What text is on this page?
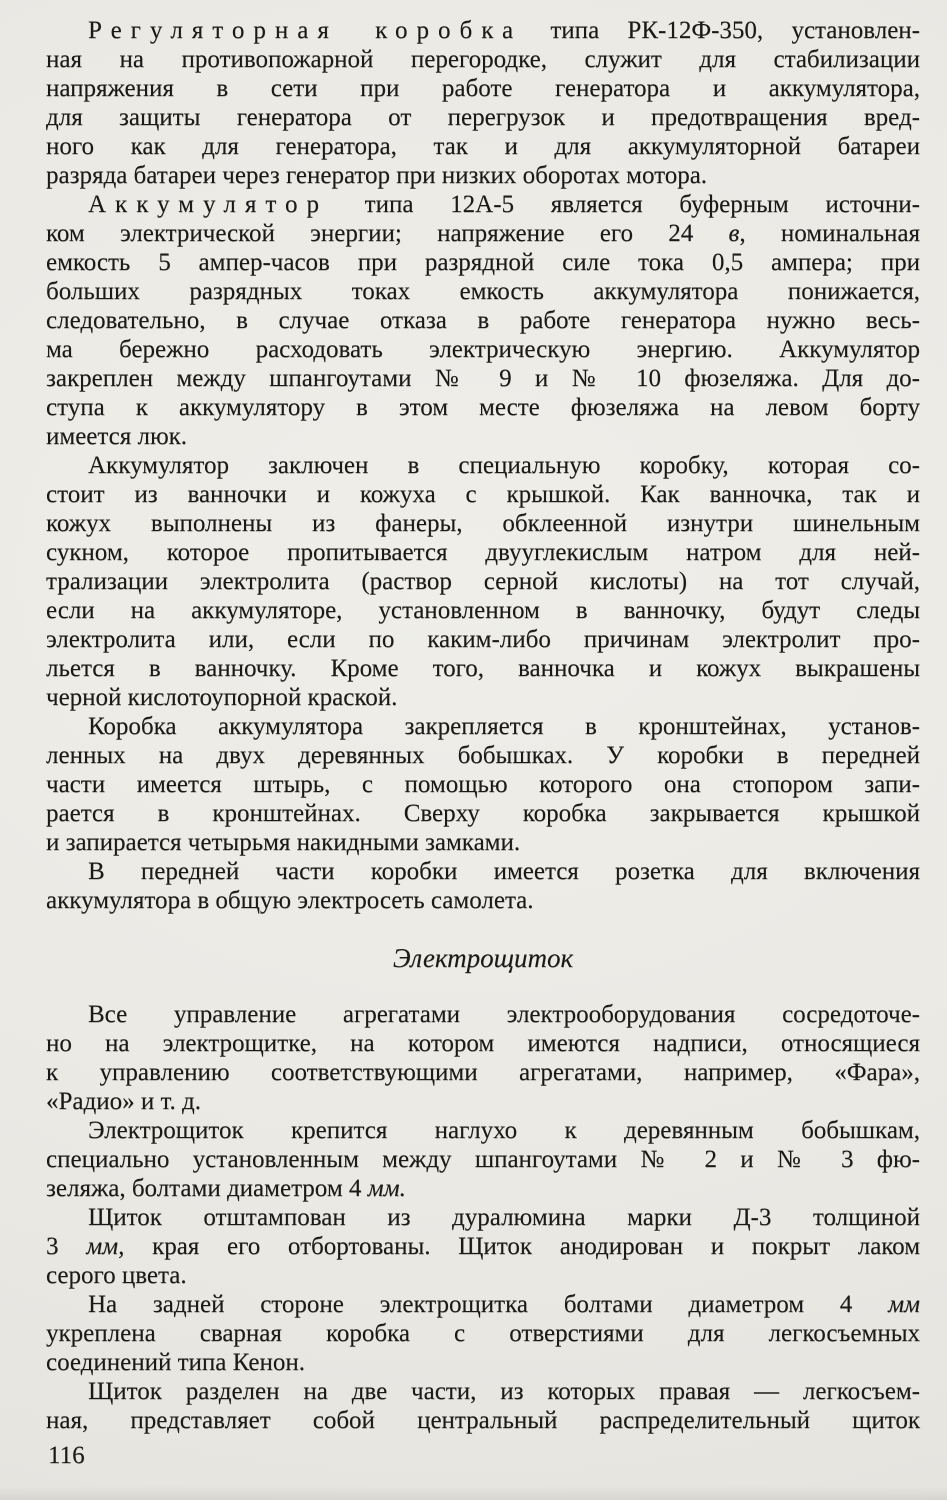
Регуляторная коробка типа РК-12Ф-350, установлен-
ная на противопожарной перегородке, служит для стабилизации
напряжения в сети при работе генератора и аккумулятора,
для защиты генератора от перегрузок и предотвращения вред-
ного как для генератора, так и для аккумуляторной батареи
разряда батареи через генератор при низких оборотах мотора.
Аккумулятор типа 12А-5 является буферным источни-
ком электрической энергии; напряжение его 24 в, номинальная
емкость 5 ампер-часов при разрядной силе тока 0,5 ампера; при
больших разрядных токах емкость аккумулятора понижается,
следовательно, в случае отказа в работе генератора нужно весь-
ма бережно расходовать электрическую энергию. Аккумулятор
закреплен между шпангоутами № 9 и № 10 фюзеляжа. Для до-
ступа к аккумулятору в этом месте фюзеляжа на левом борту
имеется люк.
Аккумулятор заключен в специальную коробку, которая со-
стоит из ванночки и кожуха с крышкой. Как ванночка, так и
кожух выполнены из фанеры, обклеенной изнутри шинельным
сукном, которое пропитывается двууглекислым натром для ней-
трализации электролита (раствор серной кислоты) на тот случай,
если на аккумуляторе, установленном в ванночку, будут следы
электролита или, если по каким-либо причинам электролит про-
льется в ванночку. Кроме того, ванночка и кожух выкрашены
черной кислотоупорной краской.
Коробка аккумулятора закрепляется в кронштейнах, установ-
ленных на двух деревянных бобышках. У коробки в передней
части имеется штырь, с помощью которого она стопором запи-
рается в кронштейнах. Сверху коробка закрывается крышкой
и запирается четырьмя накидными замками.
В передней части коробки имеется розетка для включения
аккумулятора в общую электросеть самолета.
Электрощиток
Все управление агрегатами электрооборудования сосредоточе-
но на электрощитке, на котором имеются надписи, относящиеся
к управлению соответствующими агрегатами, например, «Фара»,
«Радио» и т. д.
Электрощиток крепится наглухо к деревянным бобышкам,
специально установленным между шпангоутами № 2 и № 3 фю-
зеляжа, болтами диаметром 4 мм.
Щиток отштампован из дуралюмина марки Д-3 толщиной
3 мм, края его отбортованы. Щиток анодирован и покрыт лаком
серого цвета.
На задней стороне электрощитка болтами диаметром 4 мм
укреплена сварная коробка с отверстиями для легкосъемных
соединений типа Кенон.
Щиток разделен на две части, из которых правая — легкосъем-
ная, представляет собой центральный распределительный щиток
116
